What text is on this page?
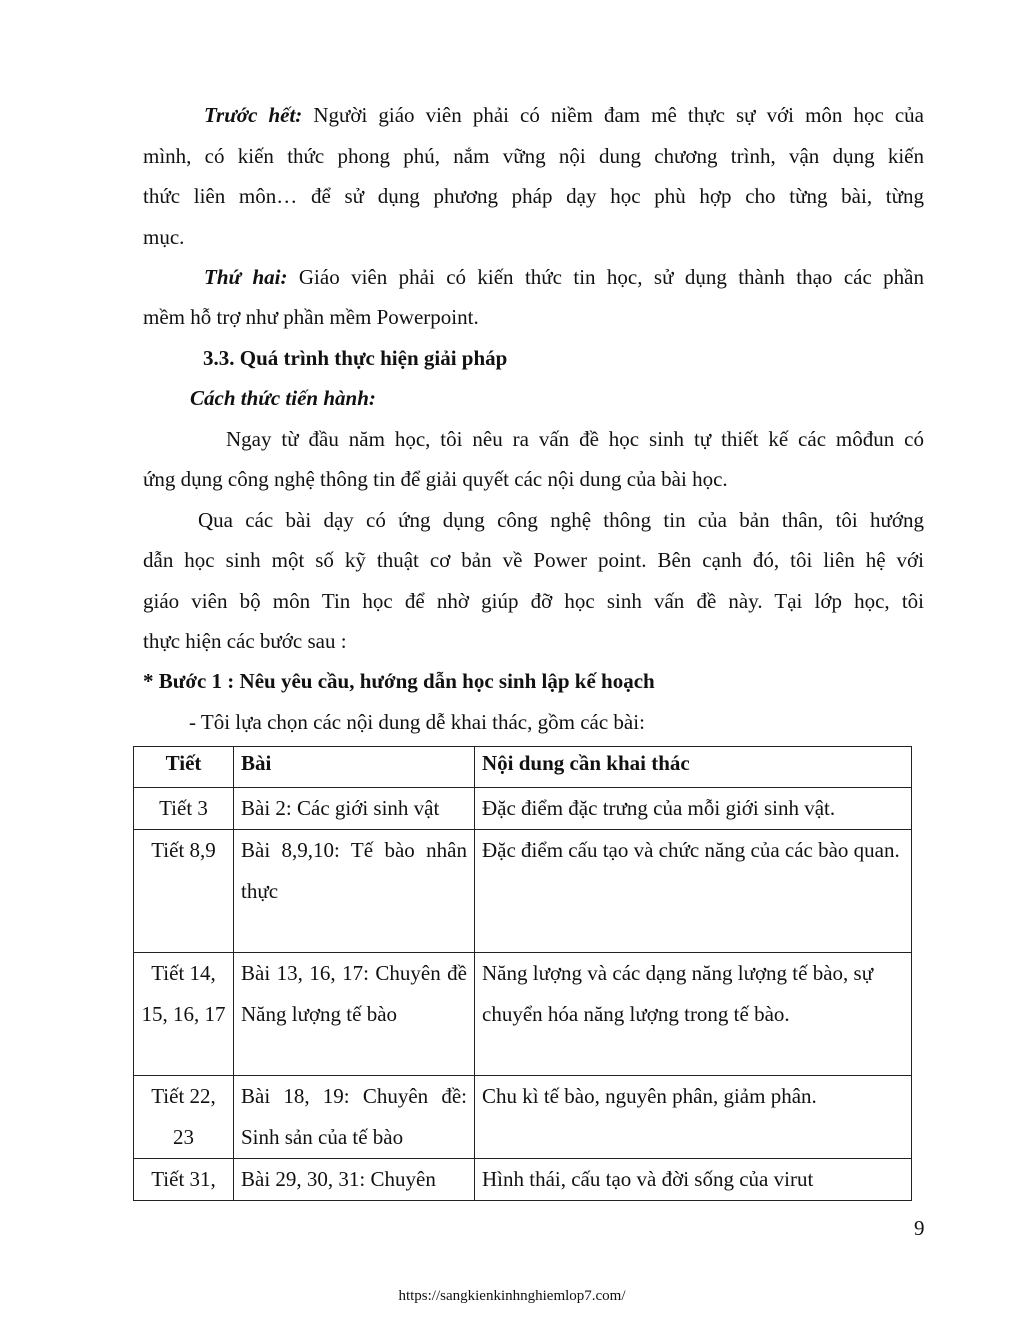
Trước hết: Người giáo viên phải có niềm đam mê thực sự với môn học của
mình, có kiến thức phong phú, nắm vững nội dung chương trình, vận dụng kiến
thức liên môn… để sử dụng phương pháp dạy học phù hợp cho từng bài, từng
mục.
Thứ hai: Giáo viên phải có kiến thức tin học, sử dụng thành thạo các phần
mềm hỗ trợ như phần mềm Powerpoint.
3.3. Quá trình thực hiện giải pháp
Cách thức tiến hành:
Ngay từ đầu năm học, tôi nêu ra vấn đề học sinh tự thiết kế các môđun có
ứng dụng công nghệ thông tin để giải quyết các nội dung của bài học.
Qua các bài dạy có ứng dụng công nghệ thông tin của bản thân, tôi hướng
dẫn học sinh một số kỹ thuật cơ bản về Power point. Bên cạnh đó, tôi liên hệ với
giáo viên bộ môn Tin học để nhờ giúp đỡ học sinh vấn đề này. Tại lớp học, tôi
thực hiện các bước sau :
* Bước 1 : Nêu yêu cầu, hướng dẫn học sinh lập kế hoạch
- Tôi lựa chọn các nội dung dễ khai thác, gồm các bài:
Tiết	Bài	Nội dung cần khai thác
Tiết 3	Bài 2: Các giới sinh vật	Đặc điểm đặc trưng của mỗi giới sinh vật.
Tiết 8,9	Bài 8,9,10: Tế bào nhân thực	Đặc điểm cấu tạo và chức năng của các bào quan.
Tiết 14, 15, 16, 17	Bài 13, 16, 17: Chuyên đề Năng lượng tế bào	Năng lượng và các dạng năng lượng tế bào, sự chuyển hóa năng lượng trong tế bào.
Tiết 22, 23	Bài 18, 19: Chuyên đề: Sinh sản của tế bào	Chu kì tế bào, nguyên phân, giảm phân.
Tiết 31,	Bài 29, 30, 31: Chuyên	Hình thái, cấu tạo và đời sống của virut
9
https://sangkienkinhnghiemlop7.com/
